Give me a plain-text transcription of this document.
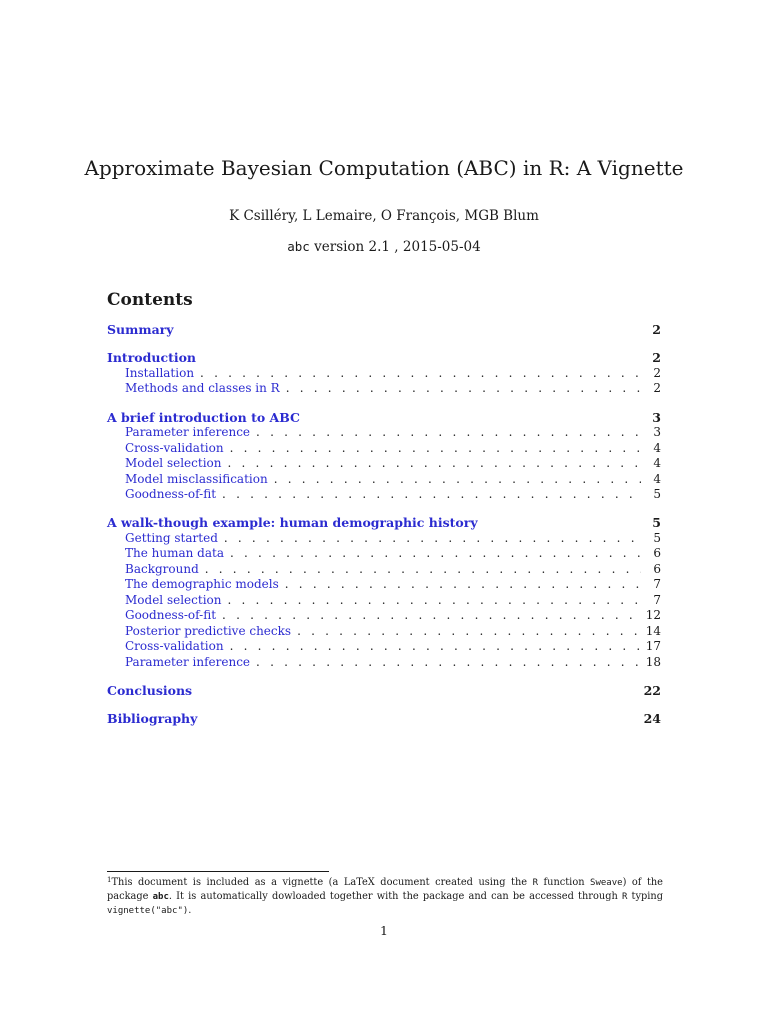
Approximate Bayesian Computation (ABC) in R: A Vignette
K Csilléry, L Lemaire, O François, MGB Blum
abc version 2.1 , 2015-05-04
Contents
Summary	2
Introduction	2
Installation . . .	2
Methods and classes in R . . .	2
A brief introduction to ABC	3
Parameter inference . . .	3
Cross-validation . . .	4
Model selection . . .	4
Model misclassification . . .	4
Goodness-of-fit . . .	5
A walk-though example: human demographic history	5
Getting started . . .	5
The human data . . .	6
Background . . .	6
The demographic models . . .	7
Model selection . . .	7
Goodness-of-fit . . .	12
Posterior predictive checks . . .	14
Cross-validation . . .	17
Parameter inference . . .	18
Conclusions	22
Bibliography	24
$^1$This document is included as a vignette (a LaTeX document created using the R function Sweave) of the package abc. It is automatically dowloaded together with the package and can be accessed through R typing vignette("abc").
1
